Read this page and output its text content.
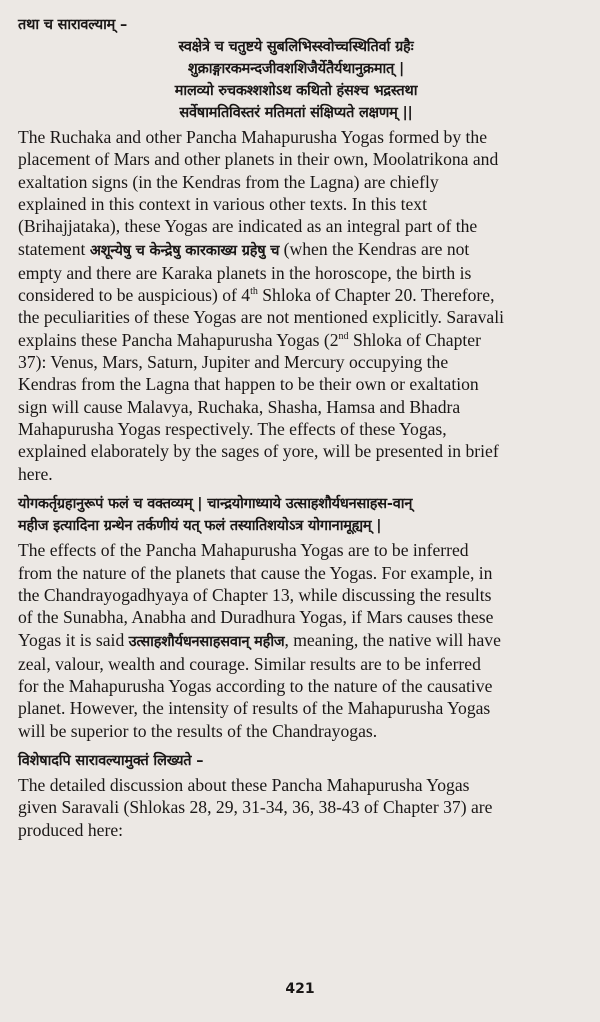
तथा च सारावल्याम् –
स्वक्षेत्रे च चतुष्टये सुबलिभिस्स्वोच्चस्थितिर्वा ग्रहैः
शुक्राङ्गारकमन्दजीवशशिजैर्येतैर्यथानुक्रमात् |
मालव्यो रुचकश्शशोऽथ कथितो हंसश्च भद्रस्तथा
सर्वेषामतिविस्तरं मतिमतां संक्षिप्यते लक्षणम् ||

The Ruchaka and other Pancha Mahapurusha Yogas formed by the
placement of Mars and other planets in their own, Moolatrikona and
exaltation signs (in the Kendras from the Lagna) are chiefly
explained in this context in various other texts. In this text
(Brihajjataka), these Yogas are indicated as an integral part of the
statement अशून्येषु च केन्द्रेषु कारकाख्य ग्रहेषु च (when the Kendras are not
empty and there are Karaka planets in the horoscope, the birth is
considered to be auspicious) of 4th Shloka of Chapter 20. Therefore,
the peculiarities of these Yogas are not mentioned explicitly. Saravali
explains these Pancha Mahapurusha Yogas (2nd Shloka of Chapter
37): Venus, Mars, Saturn, Jupiter and Mercury occupying the
Kendras from the Lagna that happen to be their own or exaltation
sign will cause Malavya, Ruchaka, Shasha, Hamsa and Bhadra
Mahapurusha Yogas respectively. The effects of these Yogas,
explained elaborately by the sages of yore, will be presented in brief
here.

योगकर्तृग्रहानुरूपं फलं च वक्तव्यम् | चान्द्रयोगाध्याये उत्साहशौर्यधनसाहस-वान्
महीज इत्यादिना ग्रन्थेन तर्कणीयं यत् फलं तस्यातिशयोऽत्र योगानामूह्यम् |

The effects of the Pancha Mahapurusha Yogas are to be inferred
from the nature of the planets that cause the Yogas. For example, in
the Chandrayogadhyaya of Chapter 13, while discussing the results
of the Sunabha, Anabha and Duradhura Yogas, if Mars causes these
Yogas it is said उत्साहशौर्यधनसाहसवान् महीज, meaning, the native will have
zeal, valour, wealth and courage. Similar results are to be inferred
for the Mahapurusha Yogas according to the nature of the causative
planet. However, the intensity of results of the Mahapurusha Yogas
will be superior to the results of the Chandrayogas.

विशेषादपि सारावल्यामुक्तं लिख्यते –

The detailed discussion about these Pancha Mahapurusha Yogas
given Saravali (Shlokas 28, 29, 31-34, 36, 38-43 of Chapter 37) are
produced here:

421
